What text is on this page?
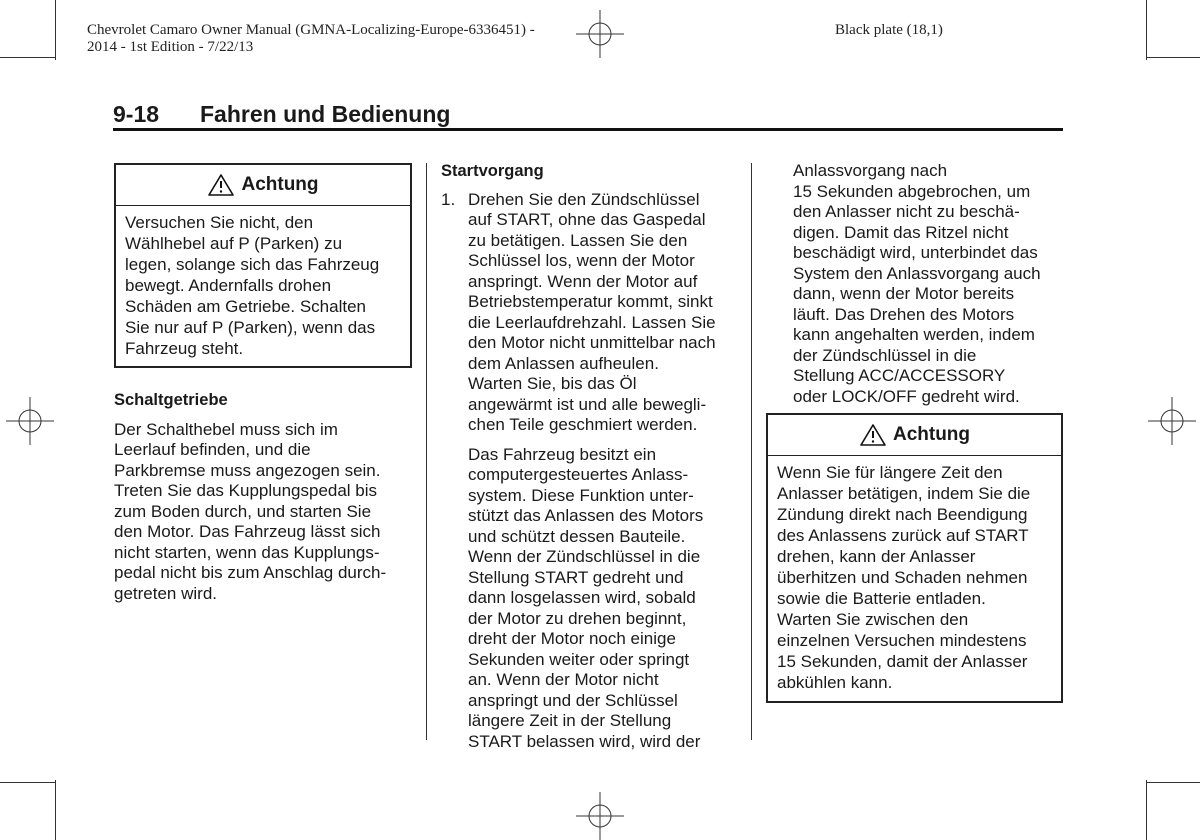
Chevrolet Camaro Owner Manual (GMNA-Localizing-Europe-6336451) -
2014 - 1st Edition - 7/22/13
Black plate (18,1)
9-18 Fahren und Bedienung
Achtung
Versuchen Sie nicht, den
Wählhebel auf P (Parken) zu
legen, solange sich das Fahrzeug
bewegt. Andernfalls drohen
Schäden am Getriebe. Schalten
Sie nur auf P (Parken), wenn das
Fahrzeug steht.
Schaltgetriebe
Der Schalthebel muss sich im
Leerlauf befinden, und die
Parkbremse muss angezogen sein.
Treten Sie das Kupplungspedal bis
zum Boden durch, und starten Sie
den Motor. Das Fahrzeug lässt sich
nicht starten, wenn das Kupplungs-
pedal nicht bis zum Anschlag durch-
getreten wird.
Startvorgang
1. Drehen Sie den Zündschlüssel
auf START, ohne das Gaspedal
zu betätigen. Lassen Sie den
Schlüssel los, wenn der Motor
anspringt. Wenn der Motor auf
Betriebstemperatur kommt, sinkt
die Leerlaufdrehzahl. Lassen Sie
den Motor nicht unmittelbar nach
dem Anlassen aufheulen.
Warten Sie, bis das Öl
angewärmt ist und alle bewegli-
chen Teile geschmiert werden.
Das Fahrzeug besitzt ein
computergesteuertes Anlass-
system. Diese Funktion unter-
stützt das Anlassen des Motors
und schützt dessen Bauteile.
Wenn der Zündschlüssel in die
Stellung START gedreht und
dann losgelassen wird, sobald
der Motor zu drehen beginnt,
dreht der Motor noch einige
Sekunden weiter oder springt
an. Wenn der Motor nicht
anspringt und der Schlüssel
längere Zeit in der Stellung
START belassen wird, wird der
Anlassvorgang nach
15 Sekunden abgebrochen, um
den Anlasser nicht zu beschä-
digen. Damit das Ritzel nicht
beschädigt wird, unterbindet das
System den Anlassvorgang auch
dann, wenn der Motor bereits
läuft. Das Drehen des Motors
kann angehalten werden, indem
der Zündschlüssel in die
Stellung ACC/ACCESSORY
oder LOCK/OFF gedreht wird.
Achtung
Wenn Sie für längere Zeit den
Anlasser betätigen, indem Sie die
Zündung direkt nach Beendigung
des Anlassens zurück auf START
drehen, kann der Anlasser
überhitzen und Schaden nehmen
sowie die Batterie entladen.
Warten Sie zwischen den
einzelnen Versuchen mindestens
15 Sekunden, damit der Anlasser
abkühlen kann.
